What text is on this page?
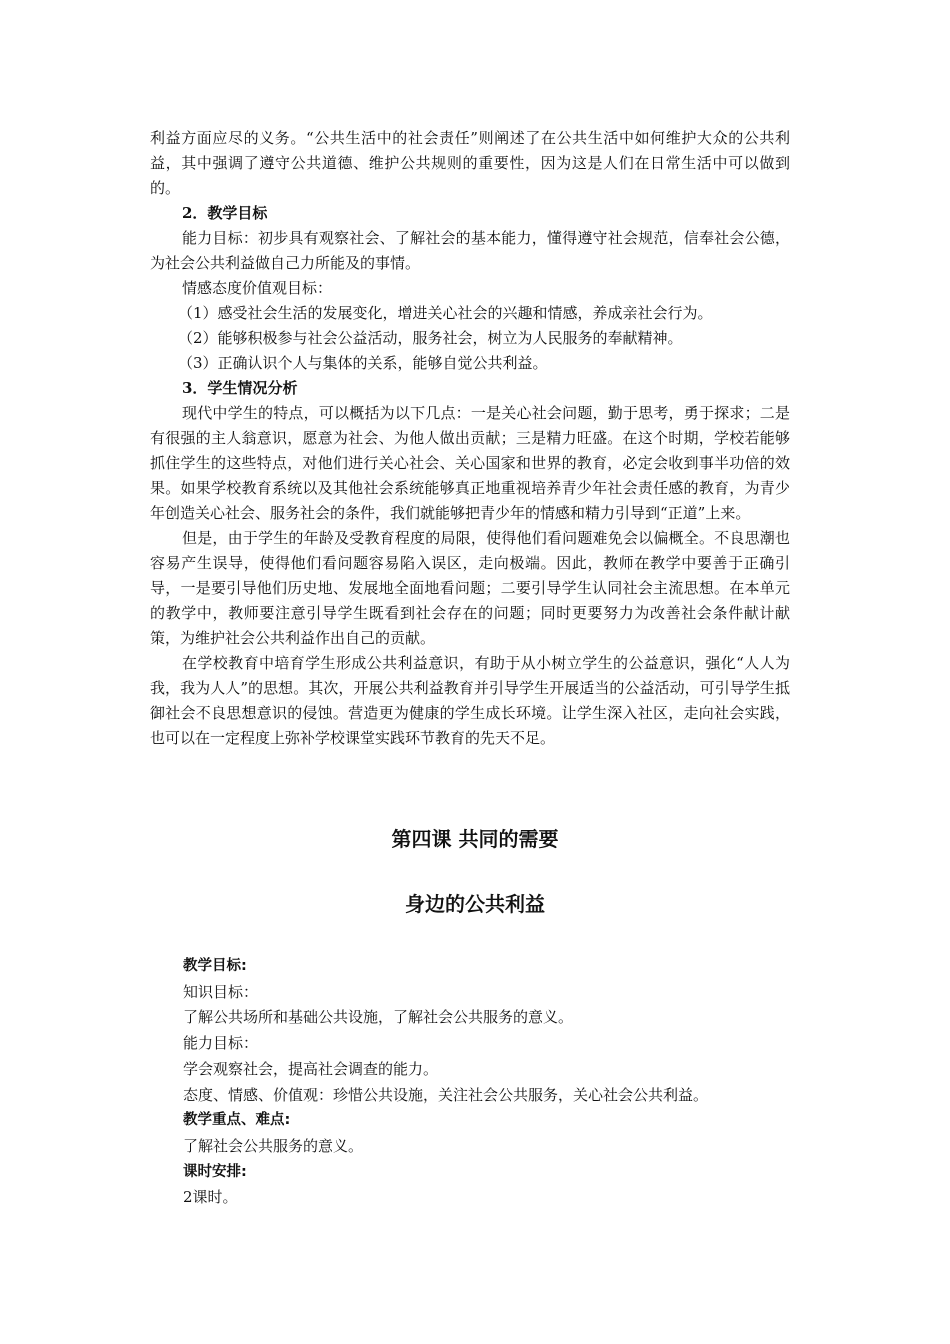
利益方面应尽的义务。“公共生活中的社会责任”则阐述了在公共生活中如何维护大众的公共利益，其中强调了遵守公共道德、维护公共规则的重要性，因为这是人们在日常生活中可以做到的。

2．教学目标

能力目标：初步具有观察社会、了解社会的基本能力，懂得遵守社会规范，信奉社会公德，为社会公共利益做自己力所能及的事情。

情感态度价值观目标：

（1）感受社会生活的发展变化，增进关心社会的兴趣和情感，养成亲社会行为。

（2）能够积极参与社会公益活动，服务社会，树立为人民服务的奉献精神。

（3）正确认识个人与集体的关系，能够自觉公共利益。

3．学生情况分析

现代中学生的特点，可以概括为以下几点：一是关心社会问题，勤于思考，勇于探求；二是有很强的主人翁意识，愿意为社会、为他人做出贡献；三是精力旺盛。在这个时期，学校若能够抓住学生的这些特点，对他们进行关心社会、关心国家和世界的教育，必定会收到事半功倍的效果。如果学校教育系统以及其他社会系统能够真正地重视培养青少年社会责任感的教育，为青少年创造关心社会、服务社会的条件，我们就能够把青少年的情感和精力引导到“正道”上来。

但是，由于学生的年龄及受教育程度的局限，使得他们看问题难免会以偏概全。不良思潮也容易产生误导，使得他们看问题容易陷入误区，走向极端。因此，教师在教学中要善于正确引导，一是要引导他们历史地、发展地全面地看问题；二要引导学生认同社会主流思想。在本单元的教学中，教师要注意引导学生既看到社会存在的问题；同时更要努力为改善社会条件献计献策，为维护社会公共利益作出自己的贡献。

在学校教育中培育学生形成公共利益意识，有助于从小树立学生的公益意识，强化“人人为我，我为人人”的思想。其次，开展公共利益教育并引导学生开展适当的公益活动，可引导学生抵御社会不良思想意识的侵蚀。营造更为健康的学生成长环境。让学生深入社区，走向社会实践，也可以在一定程度上弥补学校课堂实践环节教育的先天不足。

第四课 共同的需要
身边的公共利益

教学目标:

知识目标：

了解公共场所和基础公共设施，了解社会公共服务的意义。

能力目标：

学会观察社会，提高社会调查的能力。

态度、情感、价值观：珍惜公共设施，关注社会公共服务，关心社会公共利益。

教学重点、难点:

了解社会公共服务的意义。

课时安排:

2课时。
